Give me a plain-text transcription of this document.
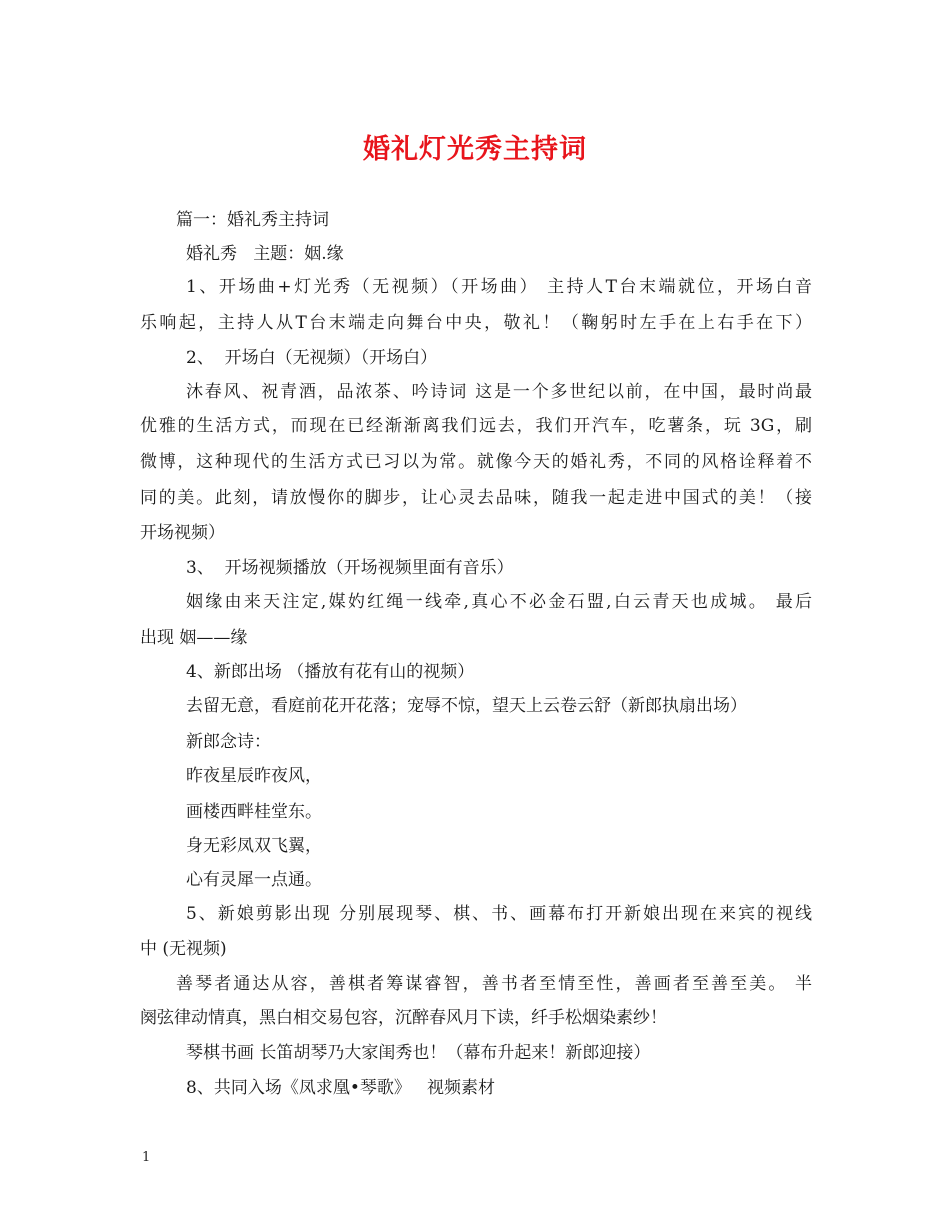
婚礼灯光秀主持词
篇一：婚礼秀主持词
婚礼秀   主题：姻.缘
1、开场曲+灯光秀（无视频）（开场曲） 主持人T台末端就位，开场白音
乐响起，主持人从T台末端走向舞台中央，敬礼！（鞠躬时左手在上右手在下）
2、  开场白（无视频）（开场白）
沐春风、祝青酒，品浓茶、吟诗词 这是一个多世纪以前，在中国，最时尚最
优雅的生活方式，而现在已经渐渐离我们远去，我们开汽车，吃薯条，玩 3G，刷
微博，这种现代的生活方式已习以为常。就像今天的婚礼秀，不同的风格诠释着不
同的美。此刻，请放慢你的脚步，让心灵去品味，随我一起走进中国式的美！（接
开场视频）
3、  开场视频播放（开场视频里面有音乐）
姻缘由来天注定,媒妁红绳一线牵,真心不必金石盟,白云青天也成城。 最后
出现 姻——缘
4、新郎出场 （播放有花有山的视频）
去留无意，看庭前花开花落；宠辱不惊，望天上云卷云舒（新郎执扇出场）
新郎念诗：
昨夜星辰昨夜风，
画楼西畔桂堂东。
身无彩凤双飞翼，
心有灵犀一点通。
5、新娘剪影出现 分别展现琴、棋、书、画幕布打开新娘出现在来宾的视线
中 (无视频)
善琴者通达从容，善棋者筹谋睿智，善书者至情至性，善画者至善至美。 半
阕弦律动情真，黑白相交易包容，沉醉春风月下读，纤手松烟染素纱！
琴棋书画 长笛胡琴乃大家闺秀也！（幕布升起来！新郎迎接）
8、共同入场《凤求凰•琴歌》   视频素材
1
